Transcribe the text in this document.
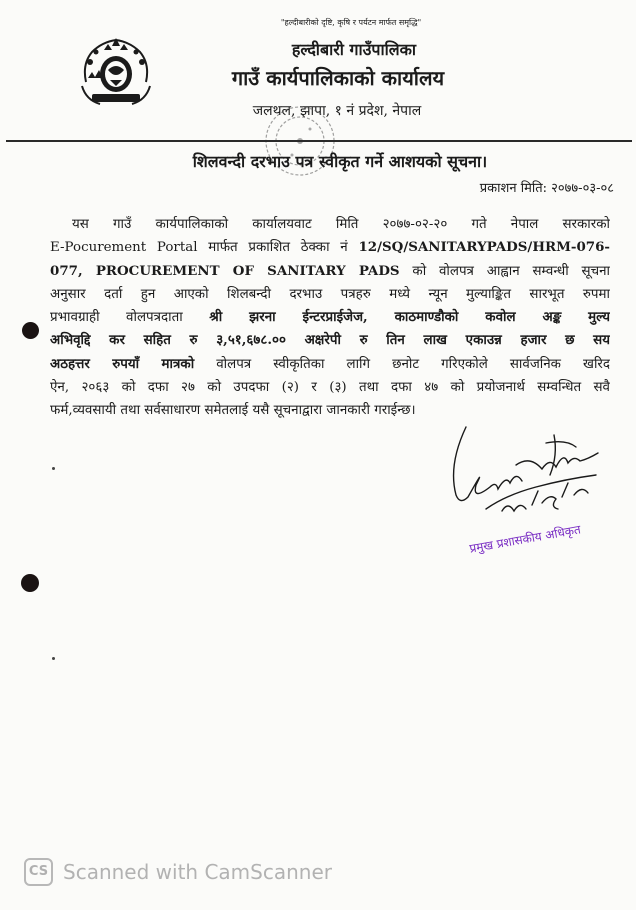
"हल्दीबारीको दृष्टि, कृषि र पर्यटन मार्फत समृद्धि"
हल्दीबारी गाउँपालिका
गाउँ कार्यपालिकाको कार्यालय
जलथल, झापा, १ नं प्रदेश, नेपाल
शिलवन्दी दरभाउ पत्र स्वीकृत गर्ने आशयको सूचना।
प्रकाशन मिति: २०७७-०३-०८
यस गाउँ कार्यपालिकाको कार्यालयवाट मिति २०७७-०२-२० गते नेपाल सरकारको
E-Pocurement Portal मार्फत प्रकाशित ठेक्का नं 12/SQ/SANITARYPADS/HRM-076-
077, PROCUREMENT OF SANITARY PADS को वोलपत्र आह्वान सम्वन्धी सूचना
अनुसार दर्ता हुन आएको शिलबन्दी दरभाउ पत्रहरु मध्ये न्यून मुल्याङ्कित सारभूत रुपमा
प्रभावग्राही वोलपत्रदाता श्री झरना ईन्टरप्राईजेज, काठमाण्डौको कवोल अङ्क मुल्य
अभिवृद्दि कर सहित रु ३,५१,६७८.०० अक्षरेपी रु तिन लाख एकाउन्न हजार छ सय
अठहत्तर रुपयाँ मात्रको वोलपत्र स्वीकृतिका लागि छनोट गरिएकोले सार्वजनिक खरिद
ऐन, २०६३ को दफा २७ को उपदफा (२) र (३) तथा दफा ४७ को प्रयोजनार्थ सम्वन्धित सवै
फर्म,व्यवसायी तथा सर्वसाधारण समेतलाई यसै सूचनाद्वारा जानकारी गराईन्छ।
प्रमुख प्रशासकीय अधिकृत
CS Scanned with CamScanner
